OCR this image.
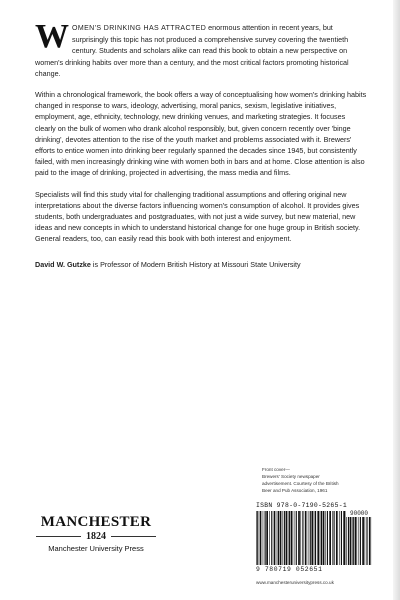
WOMEN'S DRINKING HAS ATTRACTED enormous attention in recent years, but surprisingly this topic has not produced a comprehensive survey covering the twentieth century. Students and scholars alike can read this book to obtain a new perspective on women's drinking habits over more than a century, and the most critical factors promoting historical change.

Within a chronological framework, the book offers a way of conceptualising how women's drinking habits changed in response to wars, ideology, advertising, moral panics, sexism, legislative initiatives, employment, age, ethnicity, technology, new drinking venues, and marketing strategies. It focuses clearly on the bulk of women who drank alcohol responsibly, but, given concern recently over 'binge drinking', devotes attention to the rise of the youth market and problems associated with it. Brewers' efforts to entice women into drinking beer regularly spanned the decades since 1945, but consistently failed, with men increasingly drinking wine with women both in bars and at home. Close attention is also paid to the image of drinking, projected in advertising, the mass media and films.

Specialists will find this study vital for challenging traditional assumptions and offering original new interpretations about the diverse factors influencing women's consumption of alcohol. It provides gives students, both undergraduates and postgraduates, with not just a wide survey, but new material, new ideas and new concepts in which to understand historical change for one huge group in British society. General readers, too, can easily read this book with both interest and enjoyment.

David W. Gutzke is Professor of Modern British History at Missouri State University

Front cover—
Brewers' Society newspaper
advertisement. Courtesy of the British
Beer and Pub Association, 1961
ISBN 978-0-7190-5265-1
90000
9 780719 052651
www.manchesteruniversitypress.co.uk
MANCHESTER
1824
Manchester University Press
